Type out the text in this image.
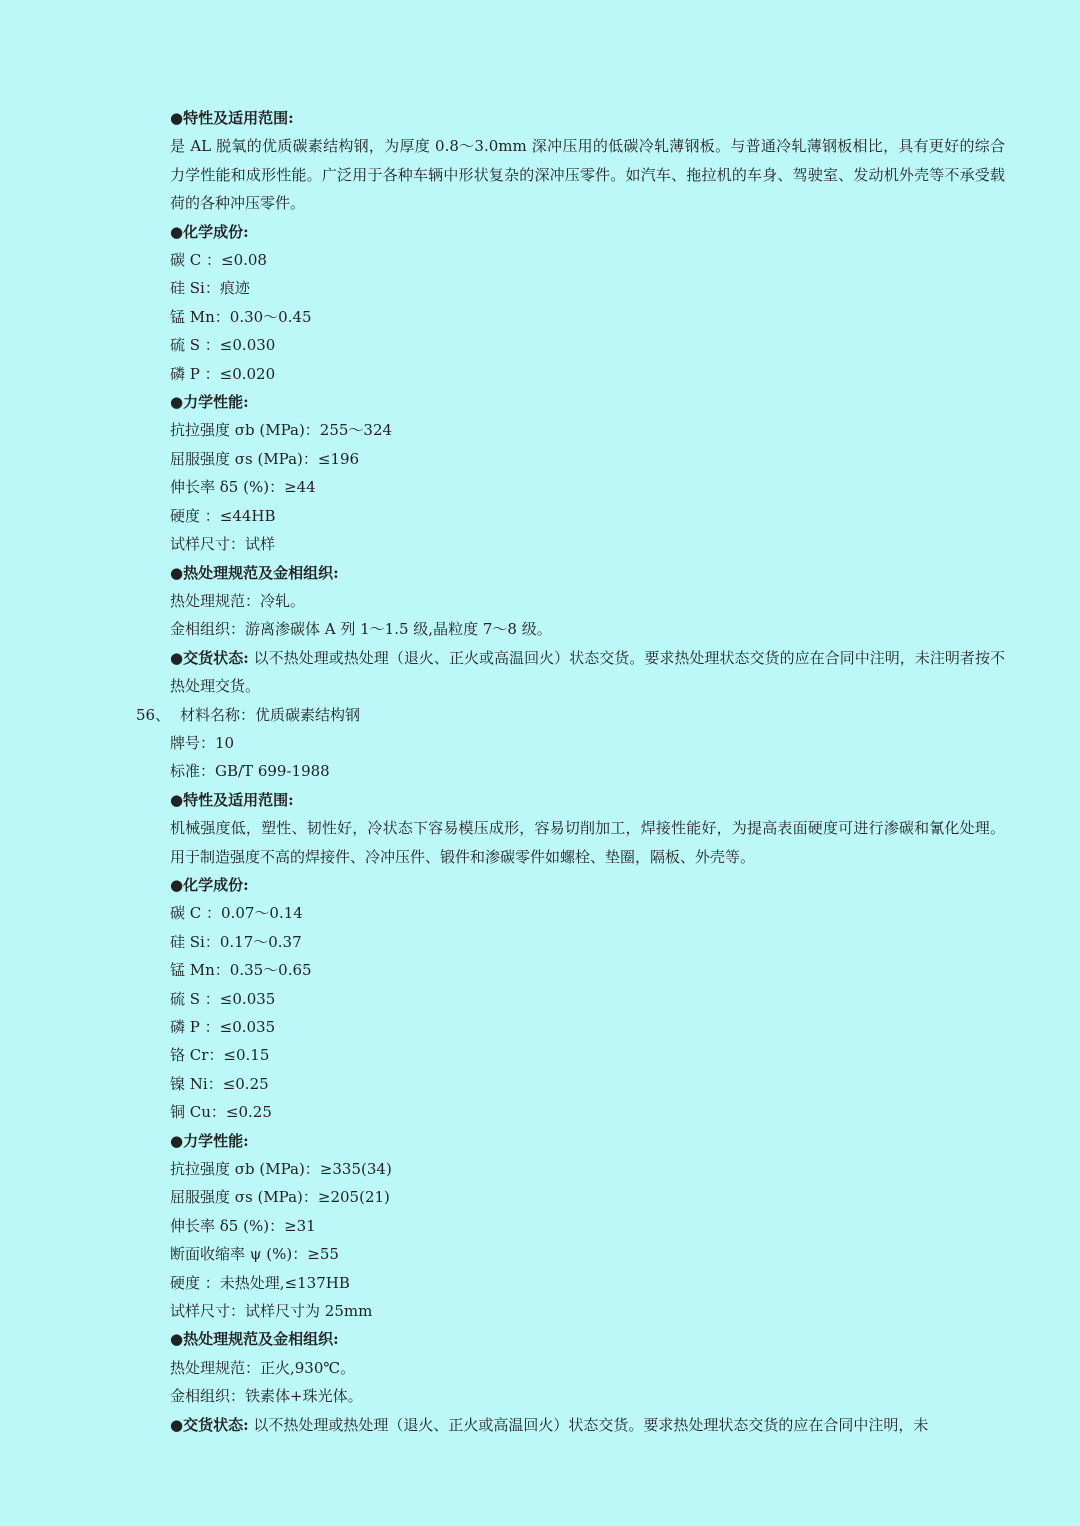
●特性及适用范围:
是 AL 脱氧的优质碳素结构钢，为厚度 0.8～3.0mm 深冲压用的低碳冷轧薄钢板。与普通冷轧薄钢板相比，具有更好的综合力学性能和成形性能。广泛用于各种车辆中形状复杂的深冲压零件。如汽车、拖拉机的车身、驾驶室、发动机外壳等不承受载荷的各种冲压零件。
●化学成份:
碳 C ：≤0.08
硅 Si：痕迹
锰 Mn：0.30～0.45
硫 S ：≤0.030
磷 P ：≤0.020
●力学性能:
抗拉强度 σb (MPa)：255～324
屈服强度 σs (MPa)：≤196
伸长率 δ5 (%)：≥44
硬度 ：≤44HB
试样尺寸：试样
●热处理规范及金相组织:
热处理规范：冷轧。
金相组织：游离渗碳体 A 列 1～1.5 级,晶粒度 7～8 级。
●交货状态: 以不热处理或热处理（退火、正火或高温回火）状态交货。要求热处理状态交货的应在合同中注明，未注明者按不热处理交货。
56、 材料名称：优质碳素结构钢
牌号：10
标准：GB/T 699-1988
●特性及适用范围:
机械强度低，塑性、韧性好，冷状态下容易模压成形，容易切削加工，焊接性能好，为提高表面硬度可进行渗碳和氰化处理。用于制造强度不高的焊接件、冷冲压件、锻件和渗碳零件如螺栓、垫圈，隔板、外壳等。
●化学成份:
碳 C ：0.07～0.14
硅 Si：0.17～0.37
锰 Mn：0.35～0.65
硫 S ：≤0.035
磷 P ：≤0.035
铬 Cr：≤0.15
镍 Ni：≤0.25
铜 Cu：≤0.25
●力学性能:
抗拉强度 σb (MPa)：≥335(34)
屈服强度 σs (MPa)：≥205(21)
伸长率 δ5 (%)：≥31
断面收缩率 ψ (%)：≥55
硬度 ：未热处理,≤137HB
试样尺寸：试样尺寸为 25mm
●热处理规范及金相组织:
热处理规范：正火,930℃。
金相组织：铁素体+珠光体。
●交货状态: 以不热处理或热处理（退火、正火或高温回火）状态交货。要求热处理状态交货的应在合同中注明，未
